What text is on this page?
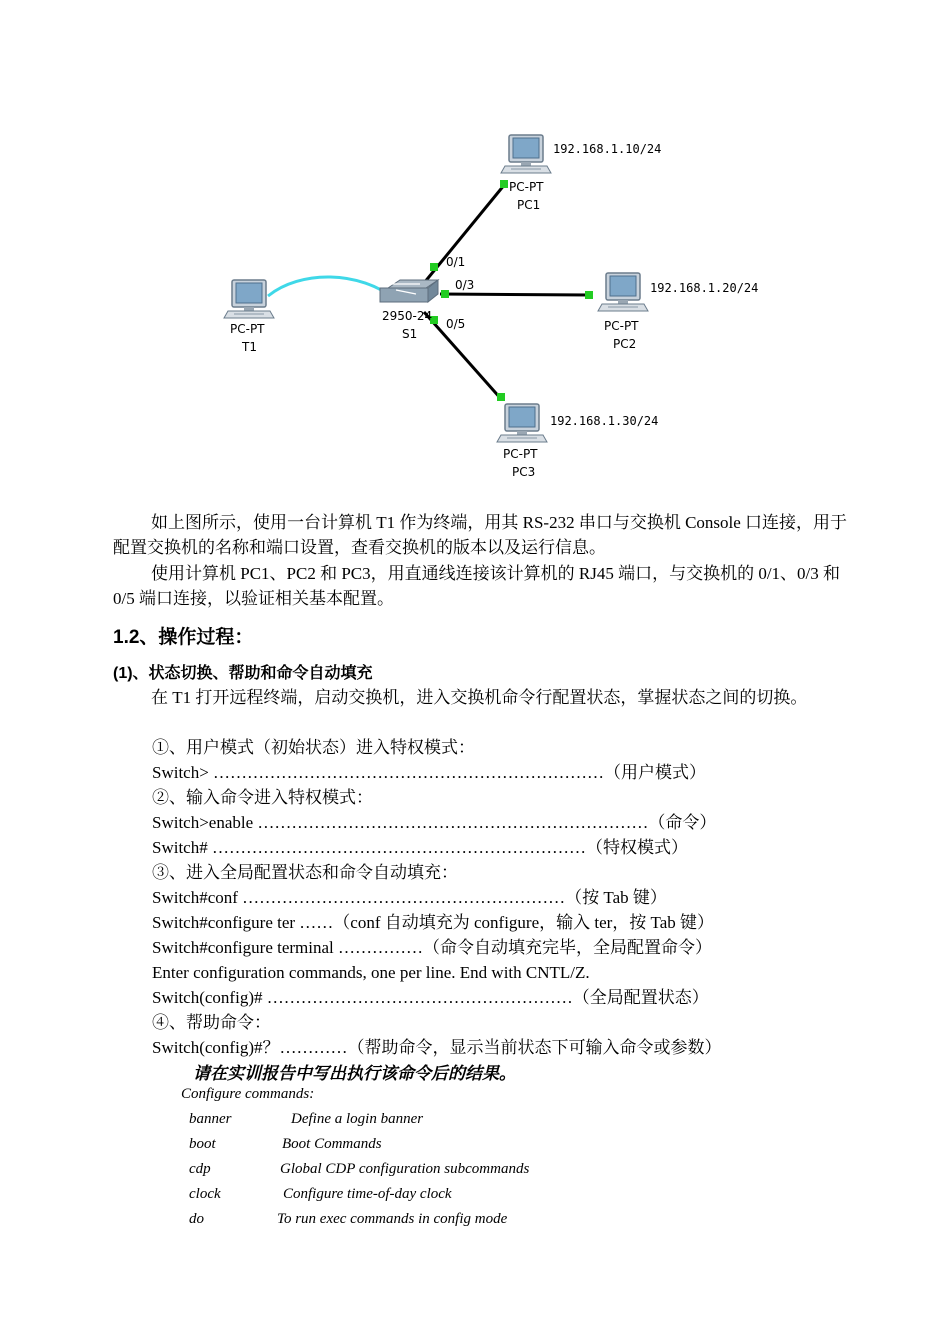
PC-PT
T1
2950-24
S1
0/1
0/3
0/5
192.168.1.10/24
PC-PT
PC1
192.168.1.20/24
PC-PT
PC2
192.168.1.30/24
PC-PT
PC3

如上图所示，使用一台计算机 T1 作为终端，用其 RS-232 串口与交换机 Console 口连接，用于配置交换机的名称和端口设置，查看交换机的版本以及运行信息。

使用计算机 PC1、PC2 和 PC3，用直通线连接该计算机的 RJ45 端口，与交换机的 0/1、0/3 和 0/5 端口连接，以验证相关基本配置。

1.2、操作过程：
(1)、状态切换、帮助和命令自动填充

在 T1 打开远程终端，启动交换机，进入交换机命令行配置状态，掌握状态之间的切换。

①、用户模式（初始状态）进入特权模式：

Switch> ……………………………………………………………（用户模式）

②、输入命令进入特权模式：

Switch>enable ……………………………………………………………（命令）

Switch# …………………………………………………………（特权模式）

③、进入全局配置状态和命令自动填充：

Switch#conf …………………………………………………（按 Tab 键）

Switch#configure ter ……（conf 自动填充为 configure，输入 ter，按 Tab 键）

Switch#configure terminal ……………（命令自动填充完毕，全局配置命令）

Enter configuration commands, one per line. End with CNTL/Z.

Switch(config)# ………………………………………………（全局配置状态）

④、帮助命令：

Switch(config)#？…………（帮助命令，显示当前状态下可输入命令或参数）

请在实训报告中写出执行该命令后的结果。

Configure commands:

banner	Define a login banner

boot	Boot Commands

cdp	Global CDP configuration subcommands

clock	Configure time-of-day clock

do	To run exec commands in config mode
